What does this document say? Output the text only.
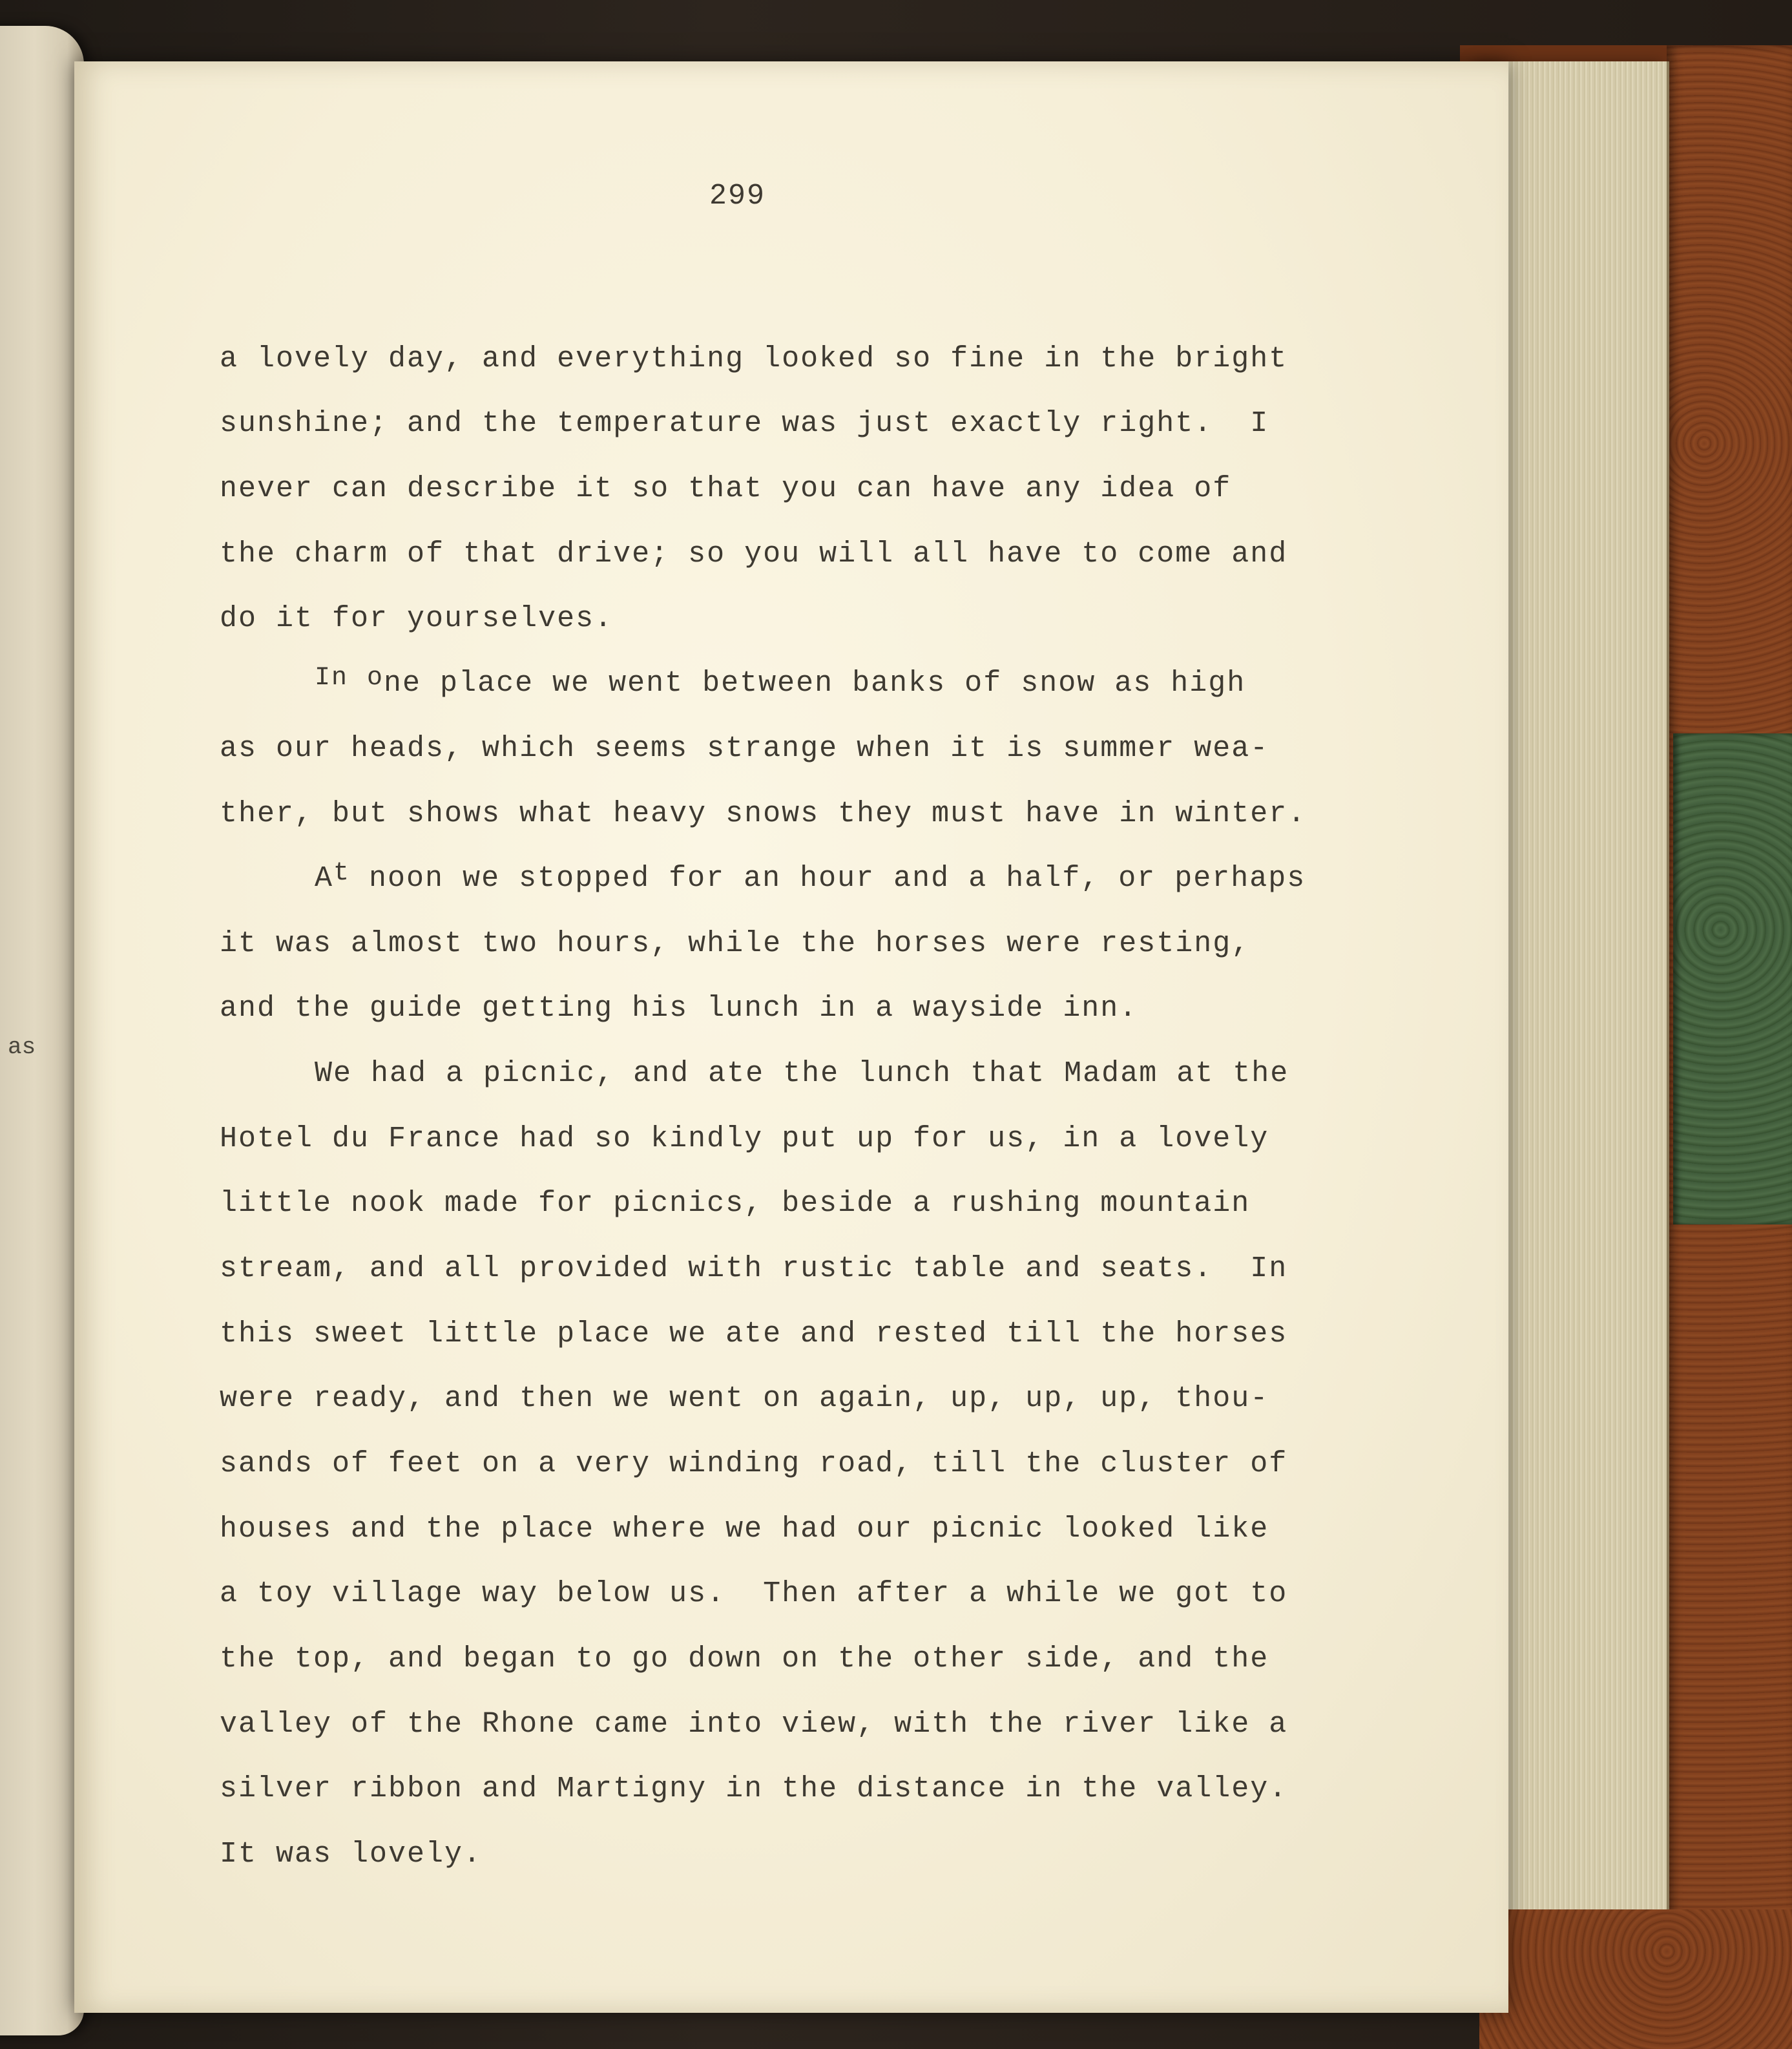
as
299
a lovely day, and everything looked so fine in the bright
sunshine; and the temperature was just exactly right.  I
never can describe it so that you can have any idea of
the charm of that drive; so you will all have to come and
do it for yourselves.
In one place we went between banks of snow as high
as our heads, which seems strange when it is summer wea-
ther, but shows what heavy snows they must have in winter.
At noon we stopped for an hour and a half, or perhaps
it was almost two hours, while the horses were resting,
and the guide getting his lunch in a wayside inn.
We had a picnic, and ate the lunch that Madam at the
Hotel du France had so kindly put up for us, in a lovely
little nook made for picnics, beside a rushing mountain
stream, and all provided with rustic table and seats.  In
this sweet little place we ate and rested till the horses
were ready, and then we went on again, up, up, up, thou-
sands of feet on a very winding road, till the cluster of
houses and the place where we had our picnic looked like
a toy village way below us.  Then after a while we got to
the top, and began to go down on the other side, and the
valley of the Rhone came into view, with the river like a
silver ribbon and Martigny in the distance in the valley.
It was lovely.
